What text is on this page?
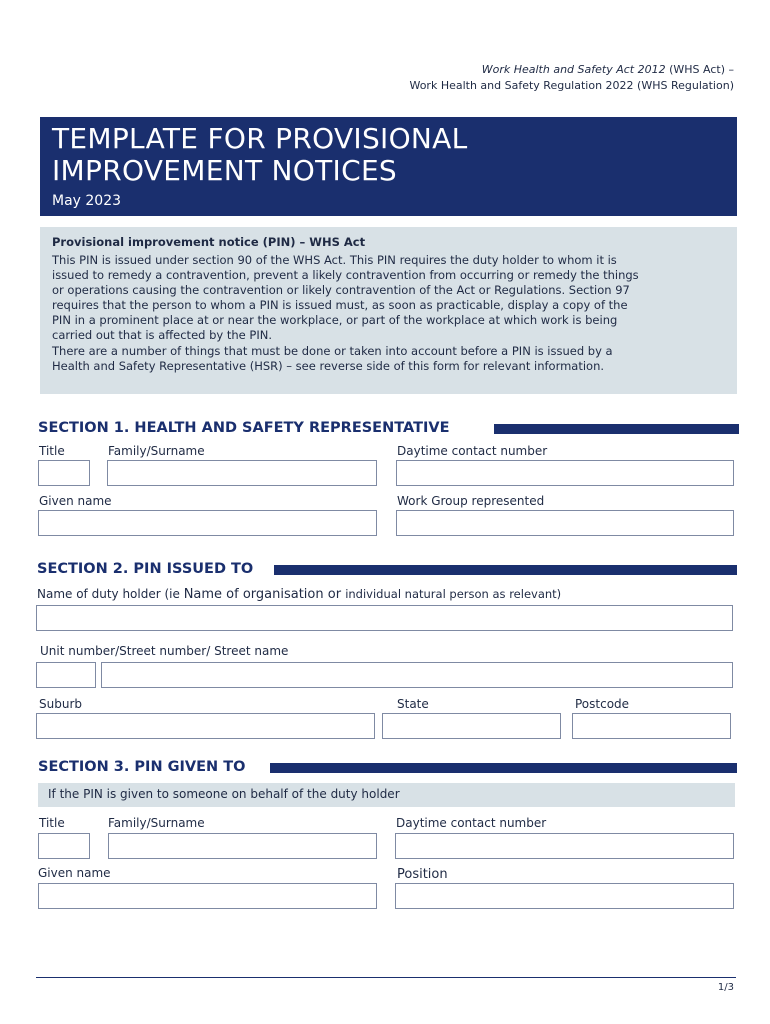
Work Health and Safety Act 2012 (WHS Act) –
Work Health and Safety Regulation 2022 (WHS Regulation)
TEMPLATE FOR PROVISIONAL
IMPROVEMENT NOTICES
May 2023
Provisional improvement notice (PIN) – WHS Act
This PIN is issued under section 90 of the WHS Act. This PIN requires the duty holder to whom it is
issued to remedy a contravention, prevent a likely contravention from occurring or remedy the things
or operations causing the contravention or likely contravention of the Act or Regulations. Section 97
requires that the person to whom a PIN is issued must, as soon as practicable, display a copy of the
PIN in a prominent place at or near the workplace, or part of the workplace at which work is being
carried out that is affected by the PIN.
There are a number of things that must be done or taken into account before a PIN is issued by a
Health and Safety Representative (HSR) – see reverse side of this form for relevant information.
SECTION 1. HEALTH AND SAFETY REPRESENTATIVE
Title	Family/Surname	Daytime contact number
Given name	Work Group represented
SECTION 2. PIN ISSUED TO
Name of duty holder (ie Name of organisation or individual natural person as relevant)
Unit number/Street number/ Street name
Suburb	State	Postcode
SECTION 3. PIN GIVEN TO
If the PIN is given to someone on behalf of the duty holder
Title	Family/Surname	Daytime contact number
Given name	Position
1/3
